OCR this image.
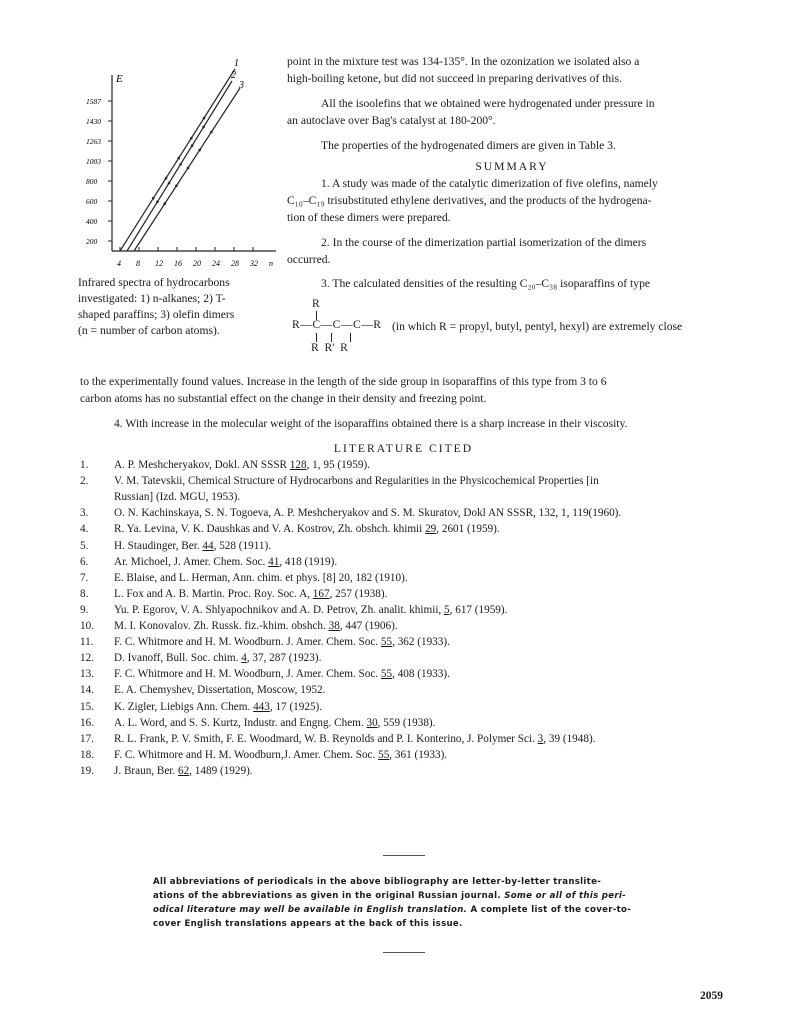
E
1587
1430
1263
1003
800
600
400
200
4 8 12 16 20 24 28 32 n
1
2
3
Infrared spectra of hydrocarbons
investigated: 1) n-alkanes; 2) T-
shaped paraffins; 3) olefin dimers
(n = number of carbon atoms).

point in the mixture test was 134-135°. In the ozonization we isolated also a

high-boiling ketone, but did not succeed in preparing derivatives of this.

All the isoolefins that we obtained were hydrogenated under pressure in

an autoclave over Bag's catalyst at 180-200°.

The properties of the hydrogenated dimers are given in Table 3.

SUMMARY

1. A study was made of the catalytic dimerization of five olefins, namely

C₁₀–C₁₉ trisubstituted ethylene derivatives, and the products of the hydrogena-

tion of these dimers were prepared.

2. In the course of the dimerization partial isomerization of the dimers

occurred.

3. The calculated densities of the resulting C₂₀–C₃₈ isoparaffins of type

R
R—C—C—C—R
R  R'  R
(in which R = propyl, butyl, pentyl, hexyl) are extremely close

to the experimentally found values. Increase in the length of the side group in isoparaffins of this type from 3 to 6

carbon atoms has no substantial effect on the change in their density and freezing point.

4. With increase in the molecular weight of the isoparaffins obtained there is a sharp increase in their viscosity.

LITERATURE CITED
1.	A. P. Meshcheryakov, Dokl. AN SSSR 128, 1, 95 (1959).
2.	V. M. Tatevskii, Chemical Structure of Hydrocarbons and Regularities in the Physicochemical Properties [in
Russian] (Izd. MGU, 1953).
3.	O. N. Kachinskaya, S. N. Togoeva, A. P. Meshcheryakov and S. M. Skuratov, Dokl AN SSSR, 132, 1, 119(1960).
4.	R. Ya. Levina, V. K. Daushkas and V. A. Kostrov, Zh. obshch. khimii 29, 2601 (1959).
5.	H. Staudinger, Ber. 44, 528 (1911).
6.	Ar. Michoel, J. Amer. Chem. Soc. 41, 418 (1919).
7.	E. Blaise, and L. Herman, Ann. chim. et phys. [8] 20, 182 (1910).
8.	L. Fox and A. B. Martin. Proc. Roy. Soc. A, 167, 257 (1938).
9.	Yu. P. Egorov, V. A. Shlyapochnikov and A. D. Petrov, Zh. analit. khimii, 5, 617 (1959).
10.	M. I. Konovalov. Zh. Russk. fiz.-khim. obshch. 38, 447 (1906).
11.	F. C. Whitmore and H. M. Woodburn. J. Amer. Chem. Soc. 55, 362 (1933).
12.	D. Ivanoff, Bull. Soc. chim. 4, 37, 287 (1923).
13.	F. C. Whitmore and H. M. Woodburn, J. Amer. Chem. Soc. 55, 408 (1933).
14.	E. A. Chemyshev, Dissertation, Moscow, 1952.
15.	K. Zigler, Liebigs Ann. Chem. 443, 17 (1925).
16.	A. L. Word, and S. S. Kurtz, Industr. and Engng. Chem. 30, 559 (1938).
17.	R. L. Frank, P. V. Smith, F. E. Woodmard, W. B. Reynolds and P. I. Konterino, J. Polymer Sci. 3, 39 (1948).
18.	F. C. Whitmore and H. M. Woodburn,J. Amer. Chem. Soc. 55, 361 (1933).
19.	J. Braun, Ber. 62, 1489 (1929).
All abbreviations of periodicals in the above bibliography are letter-by-letter translite-
ations of the abbreviations as given in the original Russian journal. Some or all of this peri-
odical literature may well be available in English translation. A complete list of the cover-to-
cover English translations appears at the back of this issue.
2059
